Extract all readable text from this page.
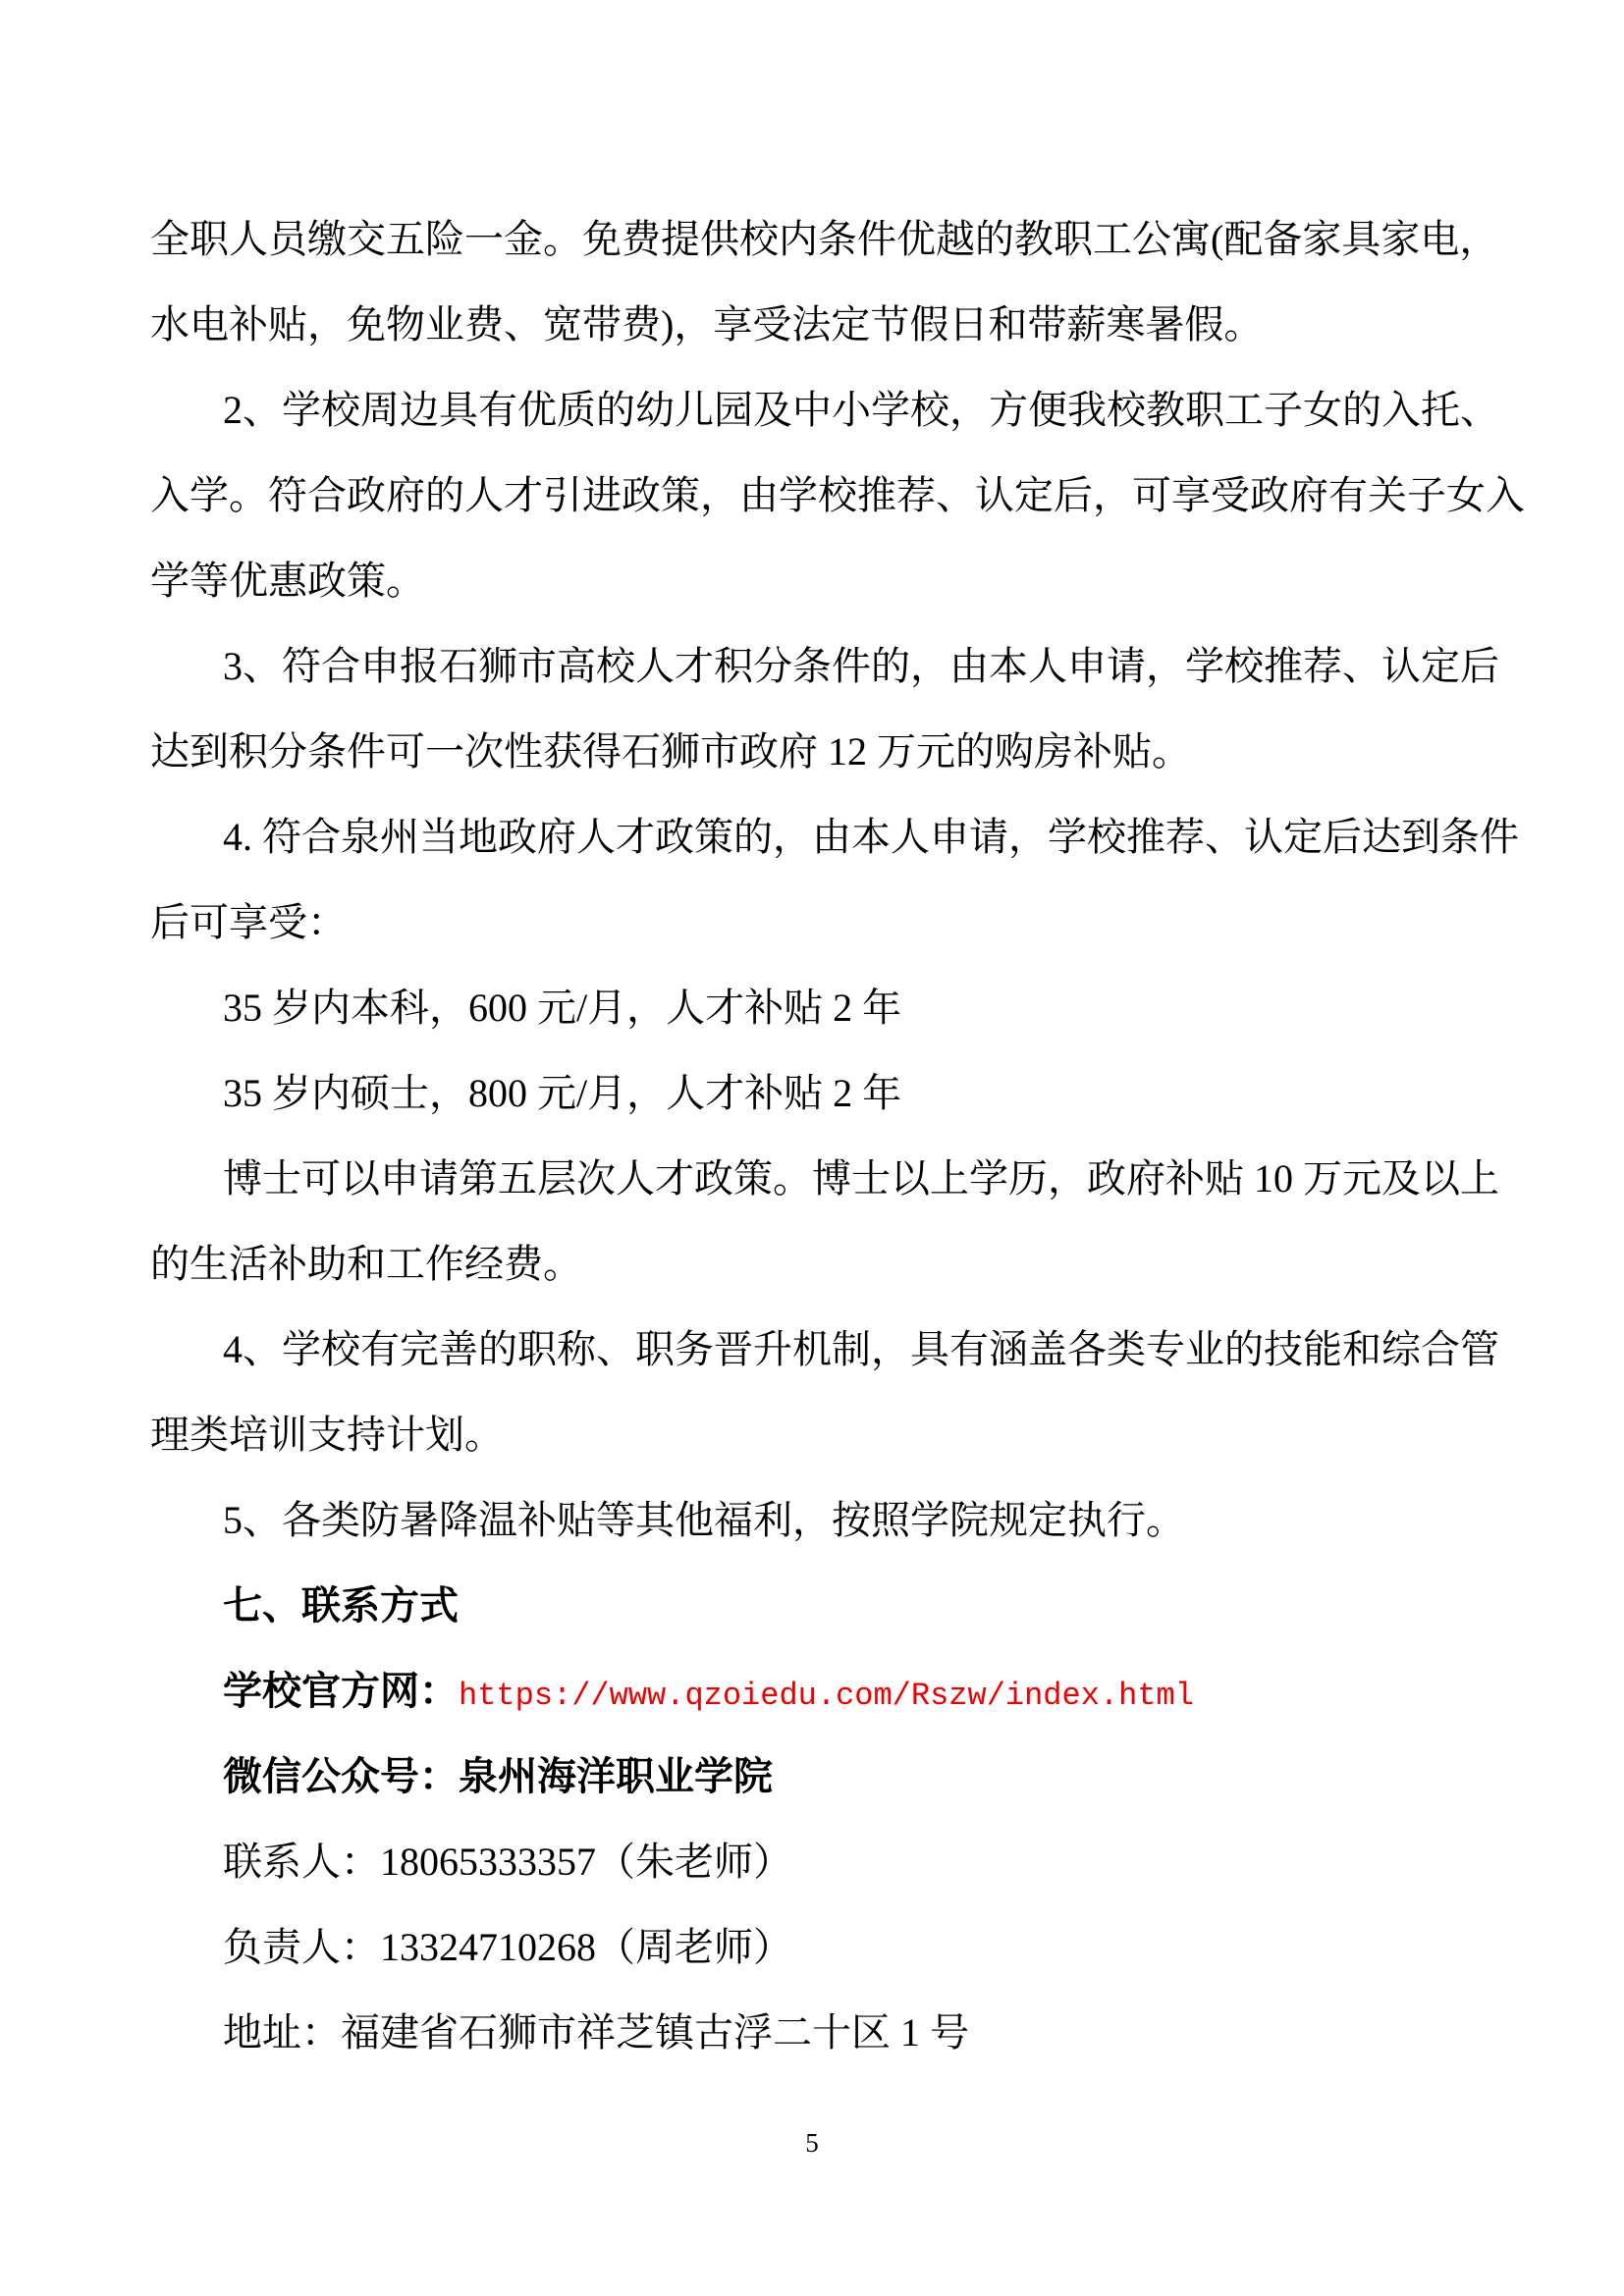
全职人员缴交五险一金。免费提供校内条件优越的教职工公寓(配备家具家电，
水电补贴，免物业费、宽带费)，享受法定节假日和带薪寒暑假。
2、学校周边具有优质的幼儿园及中小学校，方便我校教职工子女的入托、
入学。符合政府的人才引进政策，由学校推荐、认定后，可享受政府有关子女入
学等优惠政策。
3、符合申报石狮市高校人才积分条件的，由本人申请，学校推荐、认定后
达到积分条件可一次性获得石狮市政府 12 万元的购房补贴。
4. 符合泉州当地政府人才政策的，由本人申请，学校推荐、认定后达到条件
后可享受：
35 岁内本科，600 元/月，人才补贴 2 年
35 岁内硕士，800 元/月，人才补贴 2 年
博士可以申请第五层次人才政策。博士以上学历，政府补贴 10 万元及以上
的生活补助和工作经费。
4、学校有完善的职称、职务晋升机制，具有涵盖各类专业的技能和综合管
理类培训支持计划。
5、各类防暑降温补贴等其他福利，按照学院规定执行。
七、联系方式
学校官方网：https://www.qzoiedu.com/Rszw/index.html
微信公众号：泉州海洋职业学院
联系人：18065333357（朱老师）
负责人：13324710268（周老师）
地址：福建省石狮市祥芝镇古浮二十区 1 号
5
